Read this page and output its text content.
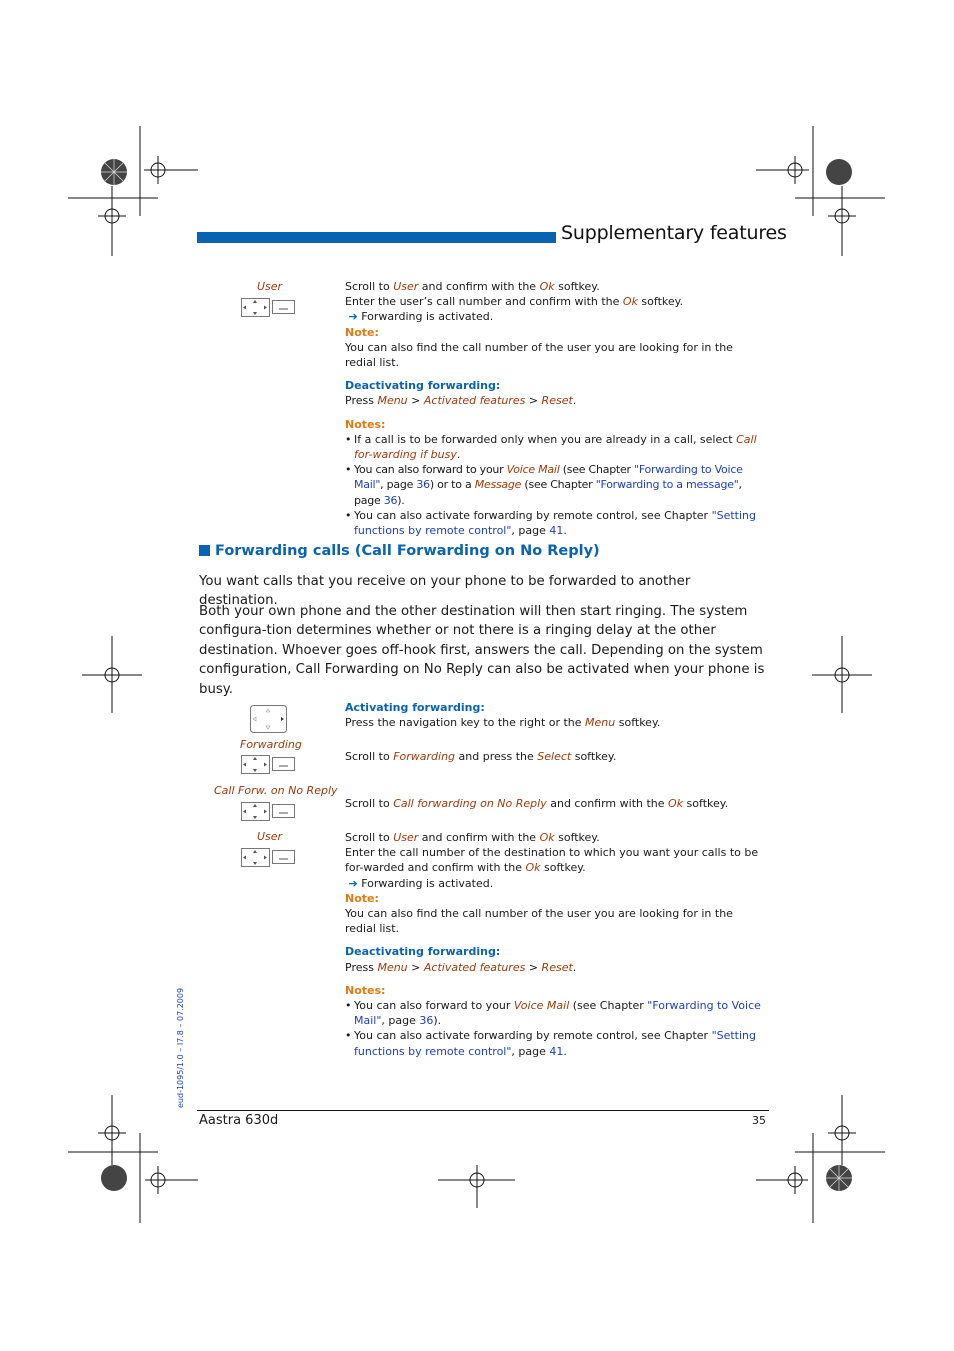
Supplementary features
User	Scroll to User and confirm with the Ok softkey.

Enter the user’s call number and confirm with the Ok softkey.

➔ Forwarding is activated.

Note:

You can also find the call number of the user you are looking for in the redial list.

Deactivating forwarding:

Press Menu > Activated features > Reset.

Notes:

• If a call is to be forwarded only when you are already in a call, select Call for-warding if busy.

• You can also forward to your Voice Mail (see Chapter "Forwarding to Voice Mail", page 36) or to a Message (see Chapter "Forwarding to a message", page 36).

• You can also activate forwarding by remote control, see Chapter "Setting functions by remote control", page 41.

Forwarding calls (Call Forwarding on No Reply)
You want calls that you receive on your phone to be forwarded to another destination.
Both your own phone and the other destination will then start ringing. The system configura-tion determines whether or not there is a ringing delay at the other destination. Whoever goes off-hook first, answers the call. Depending on the system configuration, Call Forwarding on No Reply can also be activated when your phone is busy.
Forwarding
Call Forw. on No Reply
User

Activating forwarding:

Press the navigation key to the right or the Menu softkey.

Scroll to Forwarding and press the Select softkey.

Scroll to Call forwarding on No Reply and confirm with the Ok softkey.

Scroll to User and confirm with the Ok softkey.

Enter the call number of the destination to which you want your calls to be for-warded and confirm with the Ok softkey.

➔ Forwarding is activated.

Note:

You can also find the call number of the user you are looking for in the redial list.

Deactivating forwarding:

Press Menu > Activated features > Reset.

Notes:

• You can also forward to your Voice Mail (see Chapter "Forwarding to Voice Mail", page 36).

• You can also activate forwarding by remote control, see Chapter "Setting functions by remote control", page 41.

eud-1095/1.0 – I7.8 – 07.2009
Aastra 630d	35
